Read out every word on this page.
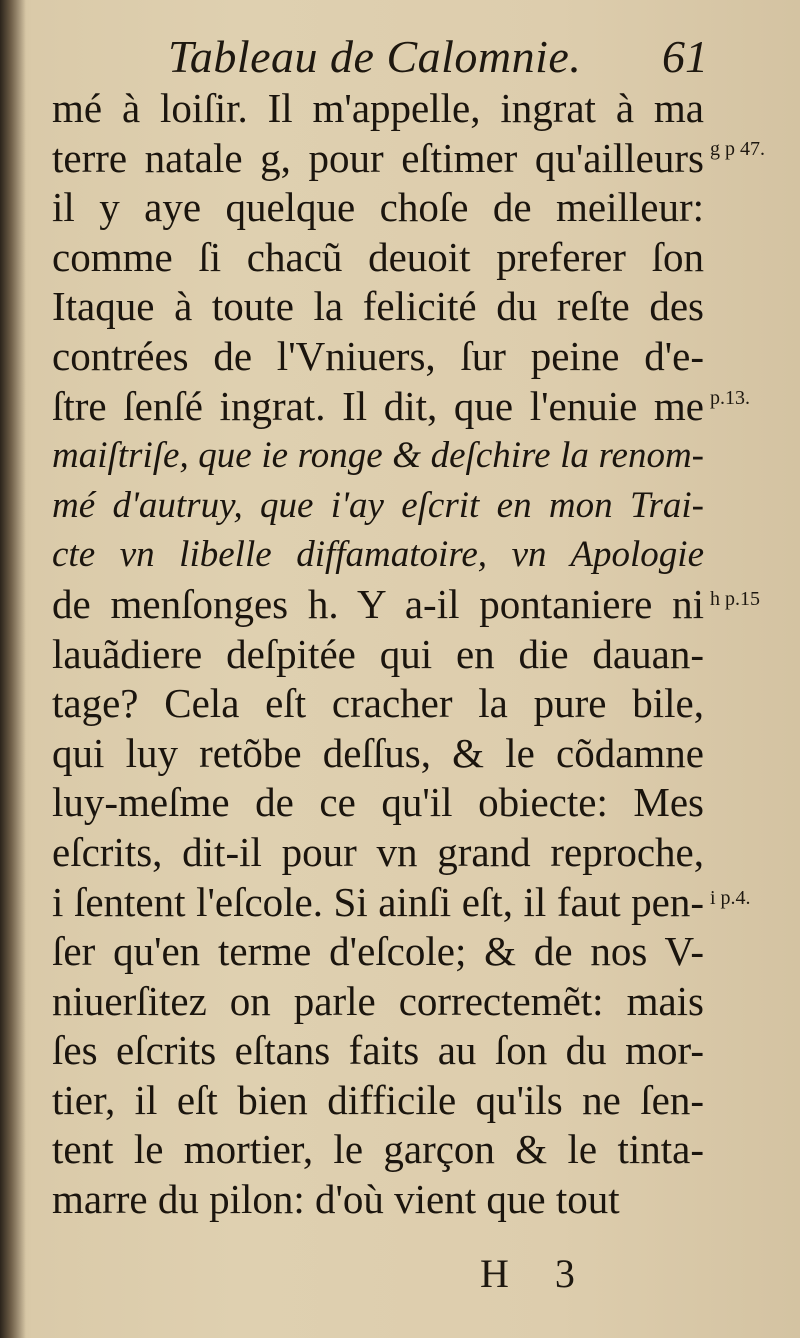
Tableau de Calomnie. 61
mé à loiſir. Il m'appelle, ingrat à ma
terre natale g, pour eſtimer qu'ailleurs
il y aye quelque choſe de meilleur:
comme ſi chacũ deuoit preferer ſon
Itaque à toute la felicité du reſte des
contrées de l'Vniuers, ſur peine d'e-
ſtre ſenſé ingrat. Il dit, que l'enuie me
maiſtriſe, que ie ronge & deſchire la renom-
mé d'autruy, que i'ay eſcrit en mon Trai-
cte vn libelle diffamatoire, vn Apologie
de menſonges h. Y a-il pontaniere ni
lauãdiere deſpitée qui en die dauan-
tage? Cela eſt cracher la pure bile,
qui luy retõbe deſſus, & le cõdamne
luy-meſme de ce qu'il obiecte: Mes
eſcrits, dit-il pour vn grand reproche,
i ſentent l'eſcole. Si ainſi eſt, il faut pen-
ſer qu'en terme d'eſcole; & de nos V-
niuerſitez on parle correctemẽt: mais
ſes eſcrits eſtans faits au ſon du mor-
tier, il eſt bien difficile qu'ils ne ſen-
tent le mortier, le garçon & le tinta-
marre du pilon: d'où vient que tout
g p 47.
p.13.
h p.15
i p.4.
H 3
